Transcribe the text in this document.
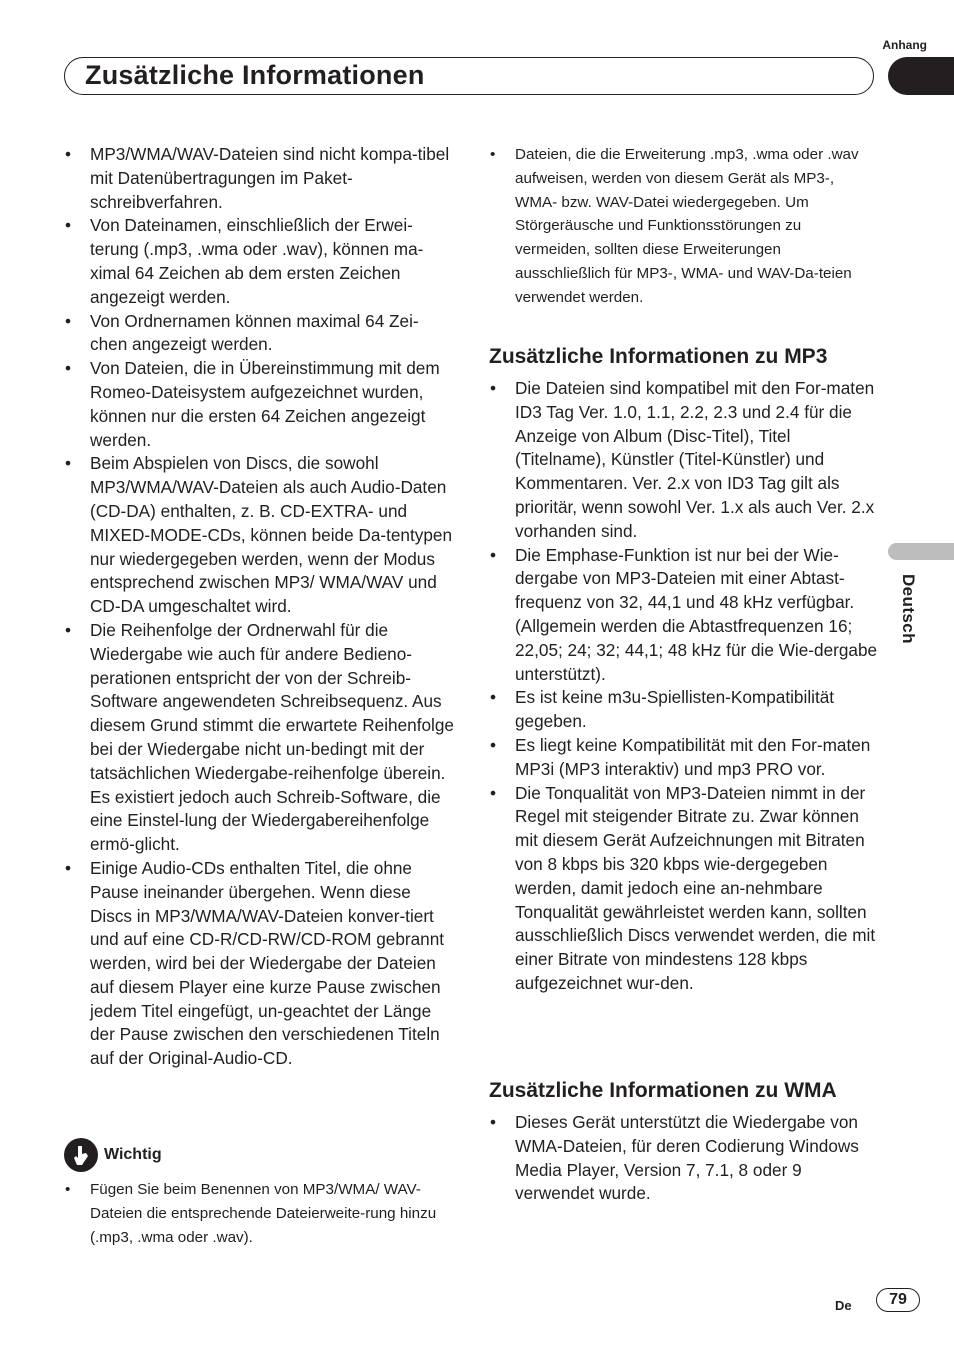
Anhang
Zusätzliche Informationen
Deutsch
• MP3/WMA/WAV-Dateien sind nicht kompa-tibel mit Datenübertragungen im Paket-schreibverfahren.
• Von Dateinamen, einschließlich der Erwei-terung (.mp3, .wma oder .wav), können ma-ximal 64 Zeichen ab dem ersten Zeichen angezeigt werden.
• Von Ordnernamen können maximal 64 Zei-chen angezeigt werden.
• Von Dateien, die in Übereinstimmung mit dem Romeo-Dateisystem aufgezeichnet wurden, können nur die ersten 64 Zeichen angezeigt werden.
• Beim Abspielen von Discs, die sowohl MP3/WMA/WAV-Dateien als auch Audio-Daten (CD-DA) enthalten, z. B. CD-EXTRA- und MIXED-MODE-CDs, können beide Da-tentypen nur wiedergegeben werden, wenn der Modus entsprechend zwischen MP3/ WMA/WAV und CD-DA umgeschaltet wird.
• Die Reihenfolge der Ordnerwahl für die Wiedergabe wie auch für andere Bedieno-perationen entspricht der von der Schreib-Software angewendeten Schreibsequenz. Aus diesem Grund stimmt die erwartete Reihenfolge bei der Wiedergabe nicht un-bedingt mit der tatsächlichen Wiedergabe-reihenfolge überein. Es existiert jedoch auch Schreib-Software, die eine Einstel-lung der Wiedergabereihenfolge ermö-glicht.
• Einige Audio-CDs enthalten Titel, die ohne Pause ineinander übergehen. Wenn diese Discs in MP3/WMA/WAV-Dateien konver-tiert und auf eine CD-R/CD-RW/CD-ROM gebrannt werden, wird bei der Wiedergabe der Dateien auf diesem Player eine kurze Pause zwischen jedem Titel eingefügt, un-geachtet der Länge der Pause zwischen den verschiedenen Titeln auf der Original-Audio-CD.
Wichtig
• Fügen Sie beim Benennen von MP3/WMA/ WAV-Dateien die entsprechende Dateierweite-rung hinzu (.mp3, .wma oder .wav).
• Dateien, die die Erweiterung .mp3, .wma oder .wav aufweisen, werden von diesem Gerät als MP3-, WMA- bzw. WAV-Datei wiedergegeben. Um Störgeräusche und Funktionsstörungen zu vermeiden, sollten diese Erweiterungen ausschließlich für MP3-, WMA- und WAV-Da-teien verwendet werden.
Zusätzliche Informationen zu MP3
• Die Dateien sind kompatibel mit den For-maten ID3 Tag Ver. 1.0, 1.1, 2.2, 2.3 und 2.4 für die Anzeige von Album (Disc-Titel), Titel (Titelname), Künstler (Titel-Künstler) und Kommentaren. Ver. 2.x von ID3 Tag gilt als prioritär, wenn sowohl Ver. 1.x als auch Ver. 2.x vorhanden sind.
• Die Emphase-Funktion ist nur bei der Wie-dergabe von MP3-Dateien mit einer Abtast-frequenz von 32, 44,1 und 48 kHz verfügbar. (Allgemein werden die Abtastfrequenzen 16; 22,05; 24; 32; 44,1; 48 kHz für die Wie-dergabe unterstützt).
• Es ist keine m3u-Spiellisten-Kompatibilität gegeben.
• Es liegt keine Kompatibilität mit den For-maten MP3i (MP3 interaktiv) und mp3 PRO vor.
• Die Tonqualität von MP3-Dateien nimmt in der Regel mit steigender Bitrate zu. Zwar können mit diesem Gerät Aufzeichnungen mit Bitraten von 8 kbps bis 320 kbps wie-dergegeben werden, damit jedoch eine an-nehmbare Tonqualität gewährleistet werden kann, sollten ausschließlich Discs verwendet werden, die mit einer Bitrate von mindestens 128 kbps aufgezeichnet wur-den.
Zusätzliche Informationen zu WMA
• Dieses Gerät unterstützt die Wiedergabe von WMA-Dateien, für deren Codierung Windows Media Player, Version 7, 7.1, 8 oder 9 verwendet wurde.
De	79
